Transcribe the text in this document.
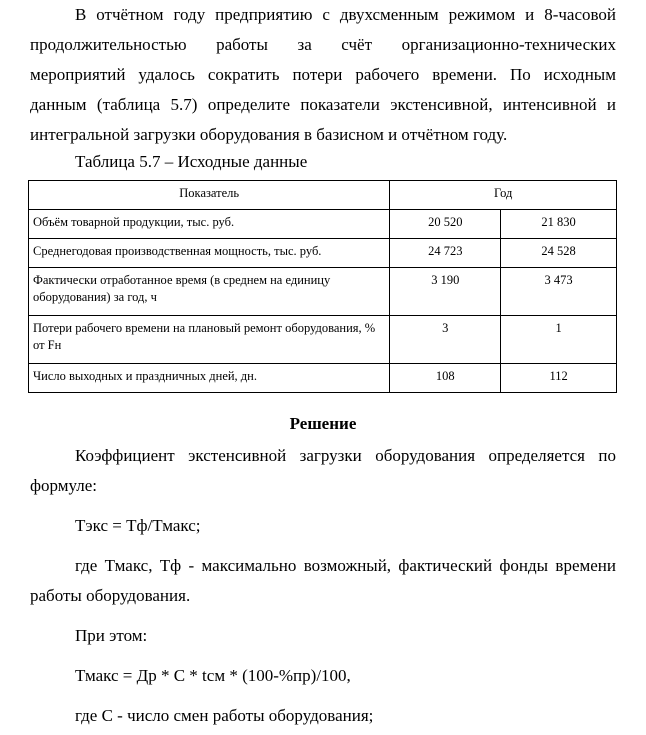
В отчётном году предприятию с двухсменным режимом и 8-часовой
продолжительностью работы за счёт организационно-технических
мероприятий удалось сократить потери рабочего времени. По исходным
данным (таблица 5.7) определите показатели экстенсивной, интенсивной и
интегральной загрузки оборудования в базисном и отчётном году.
Таблица 5.7 – Исходные данные
Показатель	Год	
Объём товарной продукции, тыс. руб.	20 520	21 830
Среднегодовая производственная мощность, тыс. руб.	24 723	24 528
Фактически отработанное время (в среднем на единицу оборудования) за год, ч	3 190	3 473
Потери рабочего времени на плановый ремонт оборудования, % от Fн	3	1
Число выходных и праздничных дней, дн.	108	112
Решение
Коэффициент экстенсивной загрузки оборудования определяется по
формуле:
Тэкс = Тф/Тмакс;
где Тмакс, Тф - максимально возможный, фактический фонды времени
работы оборудования.
При этом:
Тмакс = Др * С * tсм * (100-%пр)/100,
где С - число смен работы оборудования;
